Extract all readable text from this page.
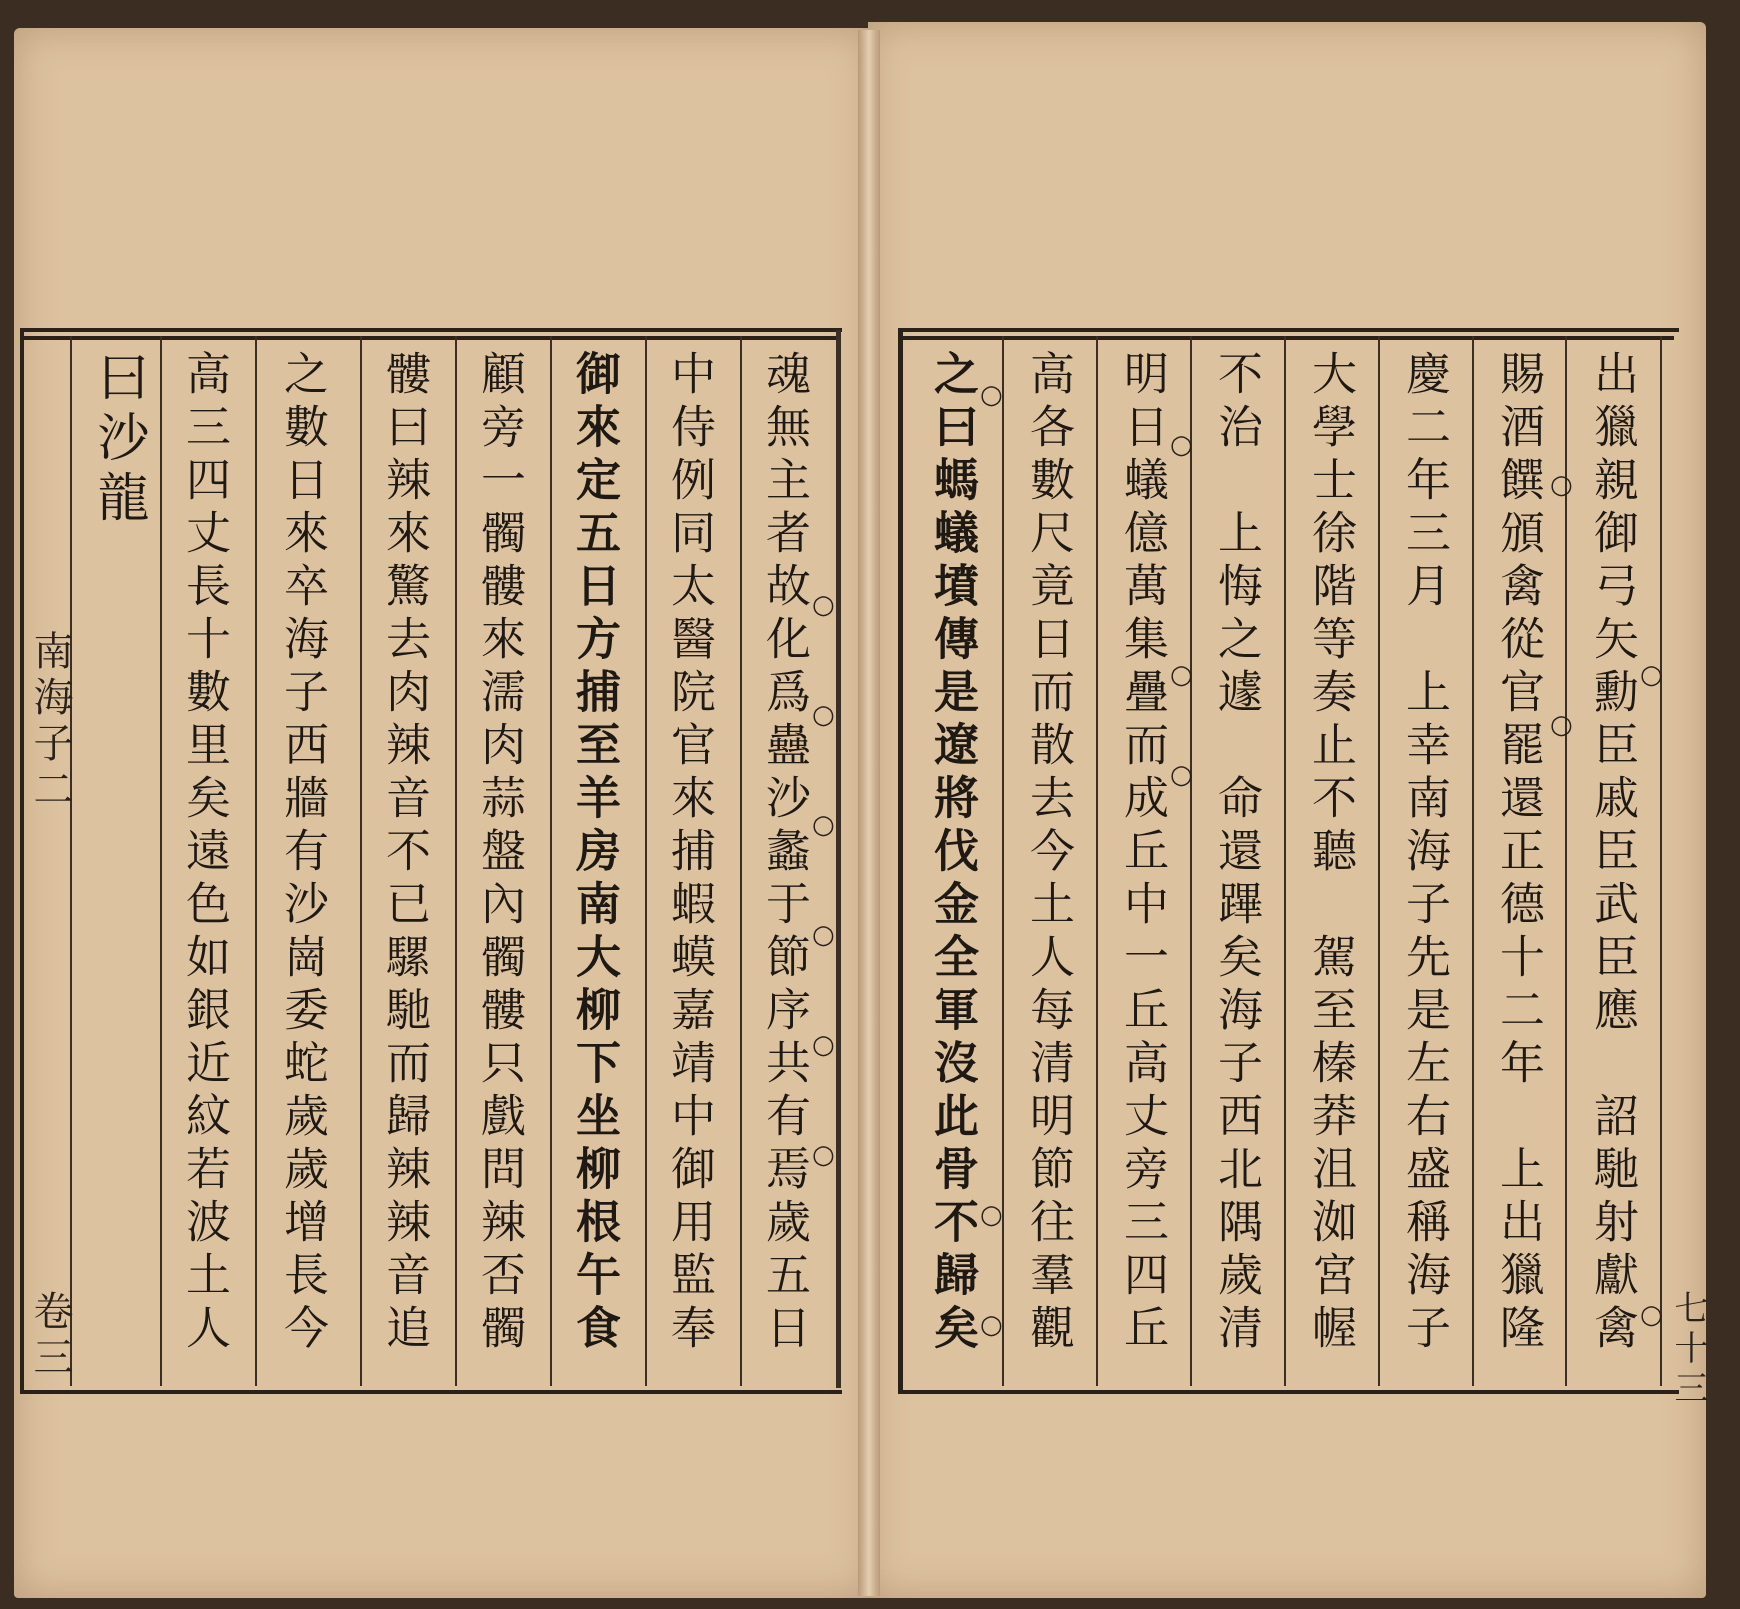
南海子二
卷三	魂無主者故化爲蠱沙蠡于節序共有焉歲五日
中侍例同太醫院官來捕蝦蟆嘉靖中御用監奉
御來定五日方捕至羊房南大柳下坐柳根午食
顧旁一髑髏來濡肉蒜盤內髑髏只戲問辣否髑
髏曰辣來驚去肉辣音不已騾馳而歸辣辣音追
之數日來卒海子西牆有沙崗委蛇歲歲增長今
高三四丈長十數里矣遠色如銀近紋若波土人
曰沙龍
七十三
出獵親御弓矢勳臣戚臣武臣應　詔馳射獻禽
賜酒饌頒禽從官罷還正德十二年　上出獵隆
慶二年三月　上幸南海子先是左右盛稱海子
大學士徐階等奏止不聽　駕至榛莽沮洳宮幄
不治　上悔之遽　命還蹕矣海子西北隅歲清
明日蟻億萬集疊而成丘中一丘高丈旁三四丘
高各數尺竟日而散去今土人每清明節往羣觀
之曰螞蟻墳傳是遼將伐金全軍沒此骨不歸矣
○
○
○
○
○
○
○
○
○
○
○
○
○
○
○
○
